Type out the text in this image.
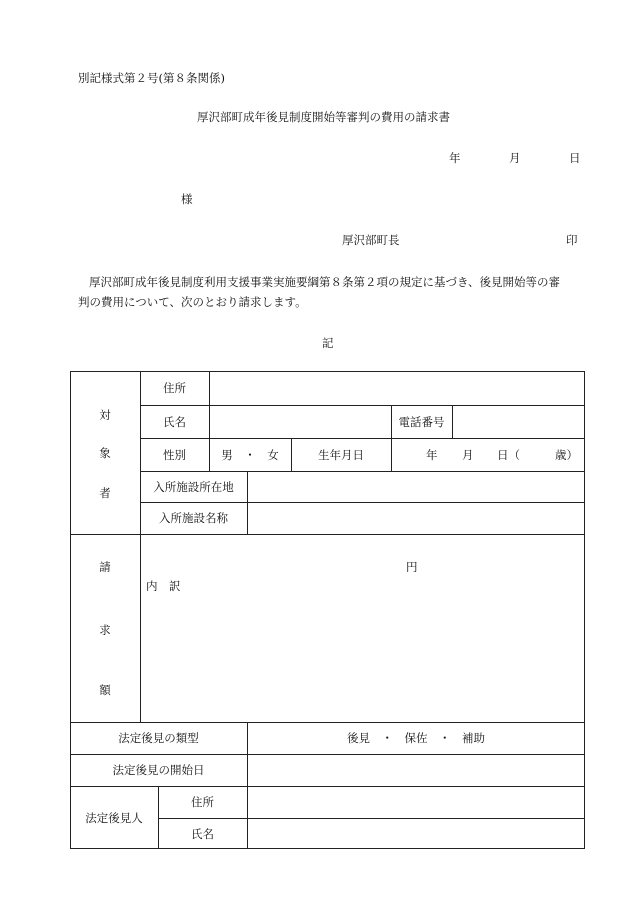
別記様式第２号(第８条関係)
厚沢部町成年後見制度開始等審判の費用の請求書
年	月	日
様
厚沢部町長	印
厚沢部町成年後見制度利用支援事業実施要綱第８条第２項の規定に基づき、後見開始等の審
判の費用について、次のとおり請求します。
記
対
象
者
住所
氏名	電話番号
性別	男　・　女	生年月日	年 月 日（	歳）
入所施設所在地
入所施設名称
請
求
額
円
内　訳
法定後見の類型	後見　・　保佐　・　補助
法定後見の開始日
法定後見人
住所
氏名
